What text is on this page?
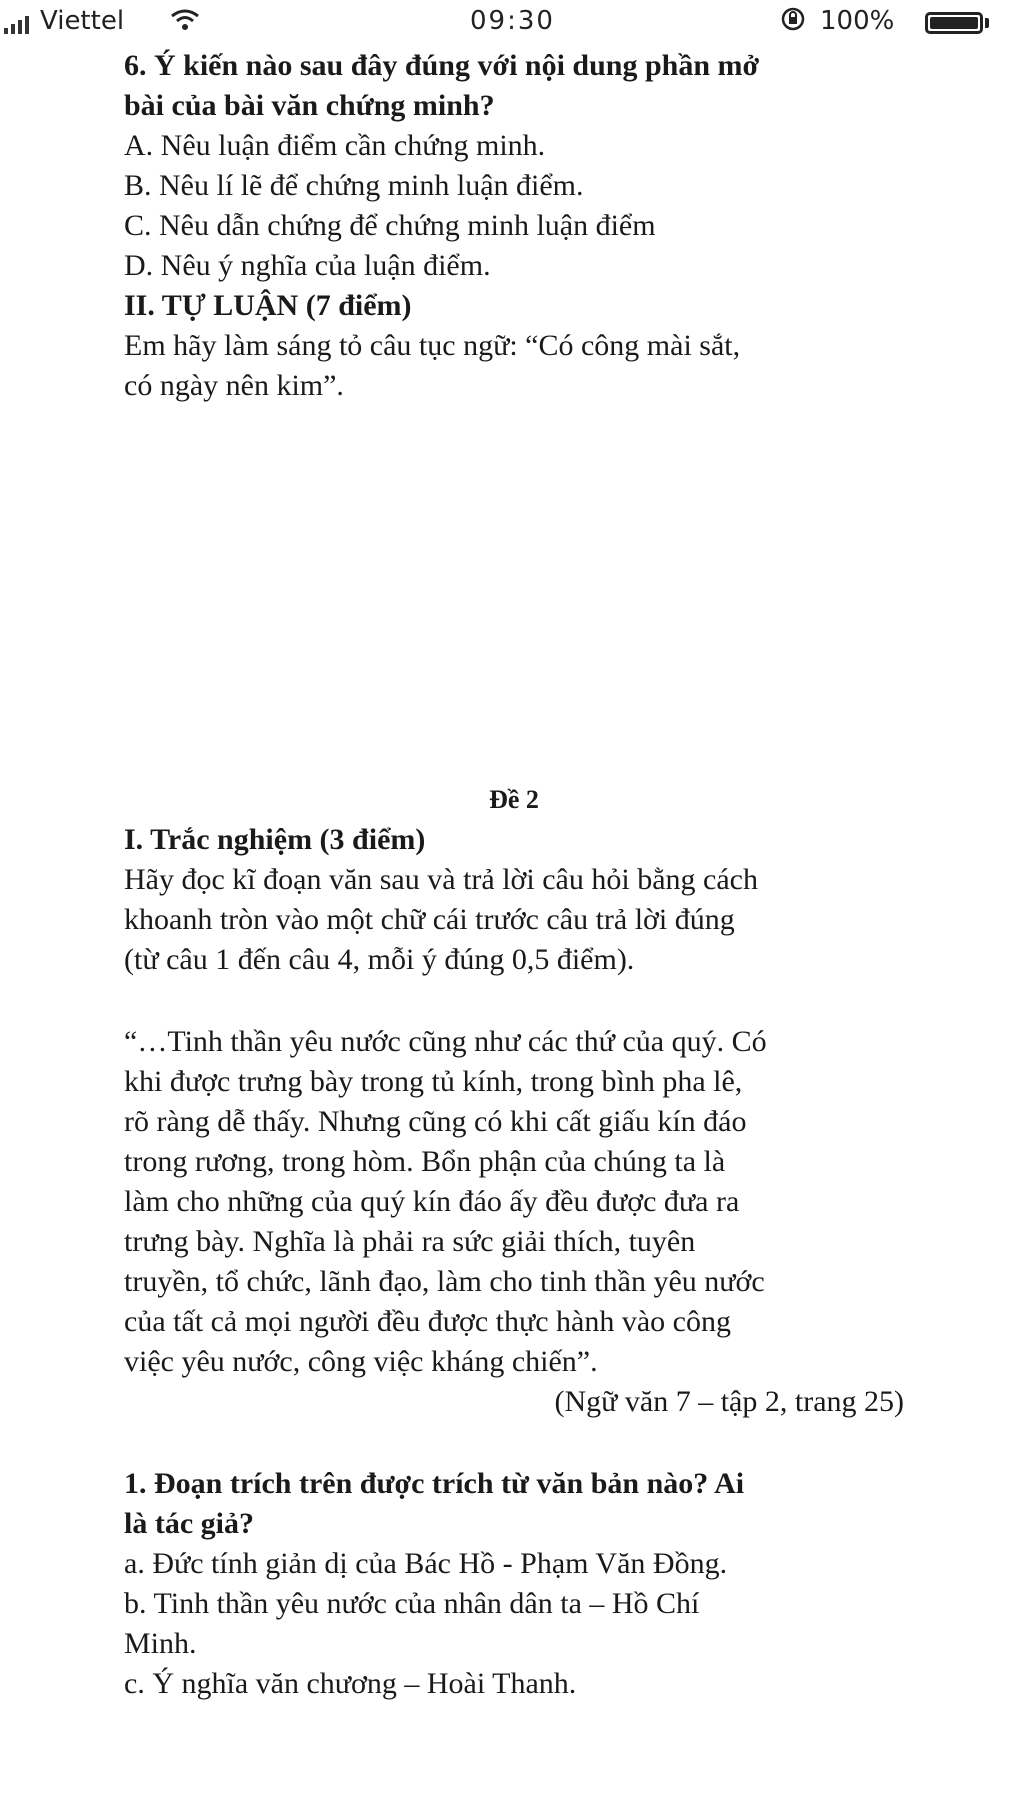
Viettel	09:30	100%

6. Ý kiến nào sau đây đúng với nội dung phần mở

bài của bài văn chứng minh?

A. Nêu luận điểm cần chứng minh.

B. Nêu lí lẽ để chứng minh luận điểm.

C. Nêu dẫn chứng để chứng minh luận điểm

D. Nêu ý nghĩa của luận điểm.

II. TỰ LUẬN (7 điểm)

Em hãy làm sáng tỏ câu tục ngữ: “Có công mài sắt,

có ngày nên kim”.

Đề 2

I. Trắc nghiệm (3 điểm)

Hãy đọc kĩ đoạn văn sau và trả lời câu hỏi bằng cách

khoanh tròn vào một chữ cái trước câu trả lời đúng

(từ câu 1 đến câu 4, mỗi ý đúng 0,5 điểm).

“…Tinh thần yêu nước cũng như các thứ của quý. Có

khi được trưng bày trong tủ kính, trong bình pha lê,

rõ ràng dễ thấy. Nhưng cũng có khi cất giấu kín đáo

trong rương, trong hòm. Bổn phận của chúng ta là

làm cho những của quý kín đáo ấy đều được đưa ra

trưng bày. Nghĩa là phải ra sức giải thích, tuyên

truyền, tổ chức, lãnh đạo, làm cho tinh thần yêu nước

của tất cả mọi người đều được thực hành vào công

việc yêu nước, công việc kháng chiến”.

(Ngữ văn 7 – tập 2, trang 25)

1. Đoạn trích trên được trích từ văn bản nào? Ai

là tác giả?

a. Đức tính giản dị của Bác Hồ - Phạm Văn Đồng.

b. Tinh thần yêu nước của nhân dân ta – Hồ Chí

Minh.

c. Ý nghĩa văn chương – Hoài Thanh.
